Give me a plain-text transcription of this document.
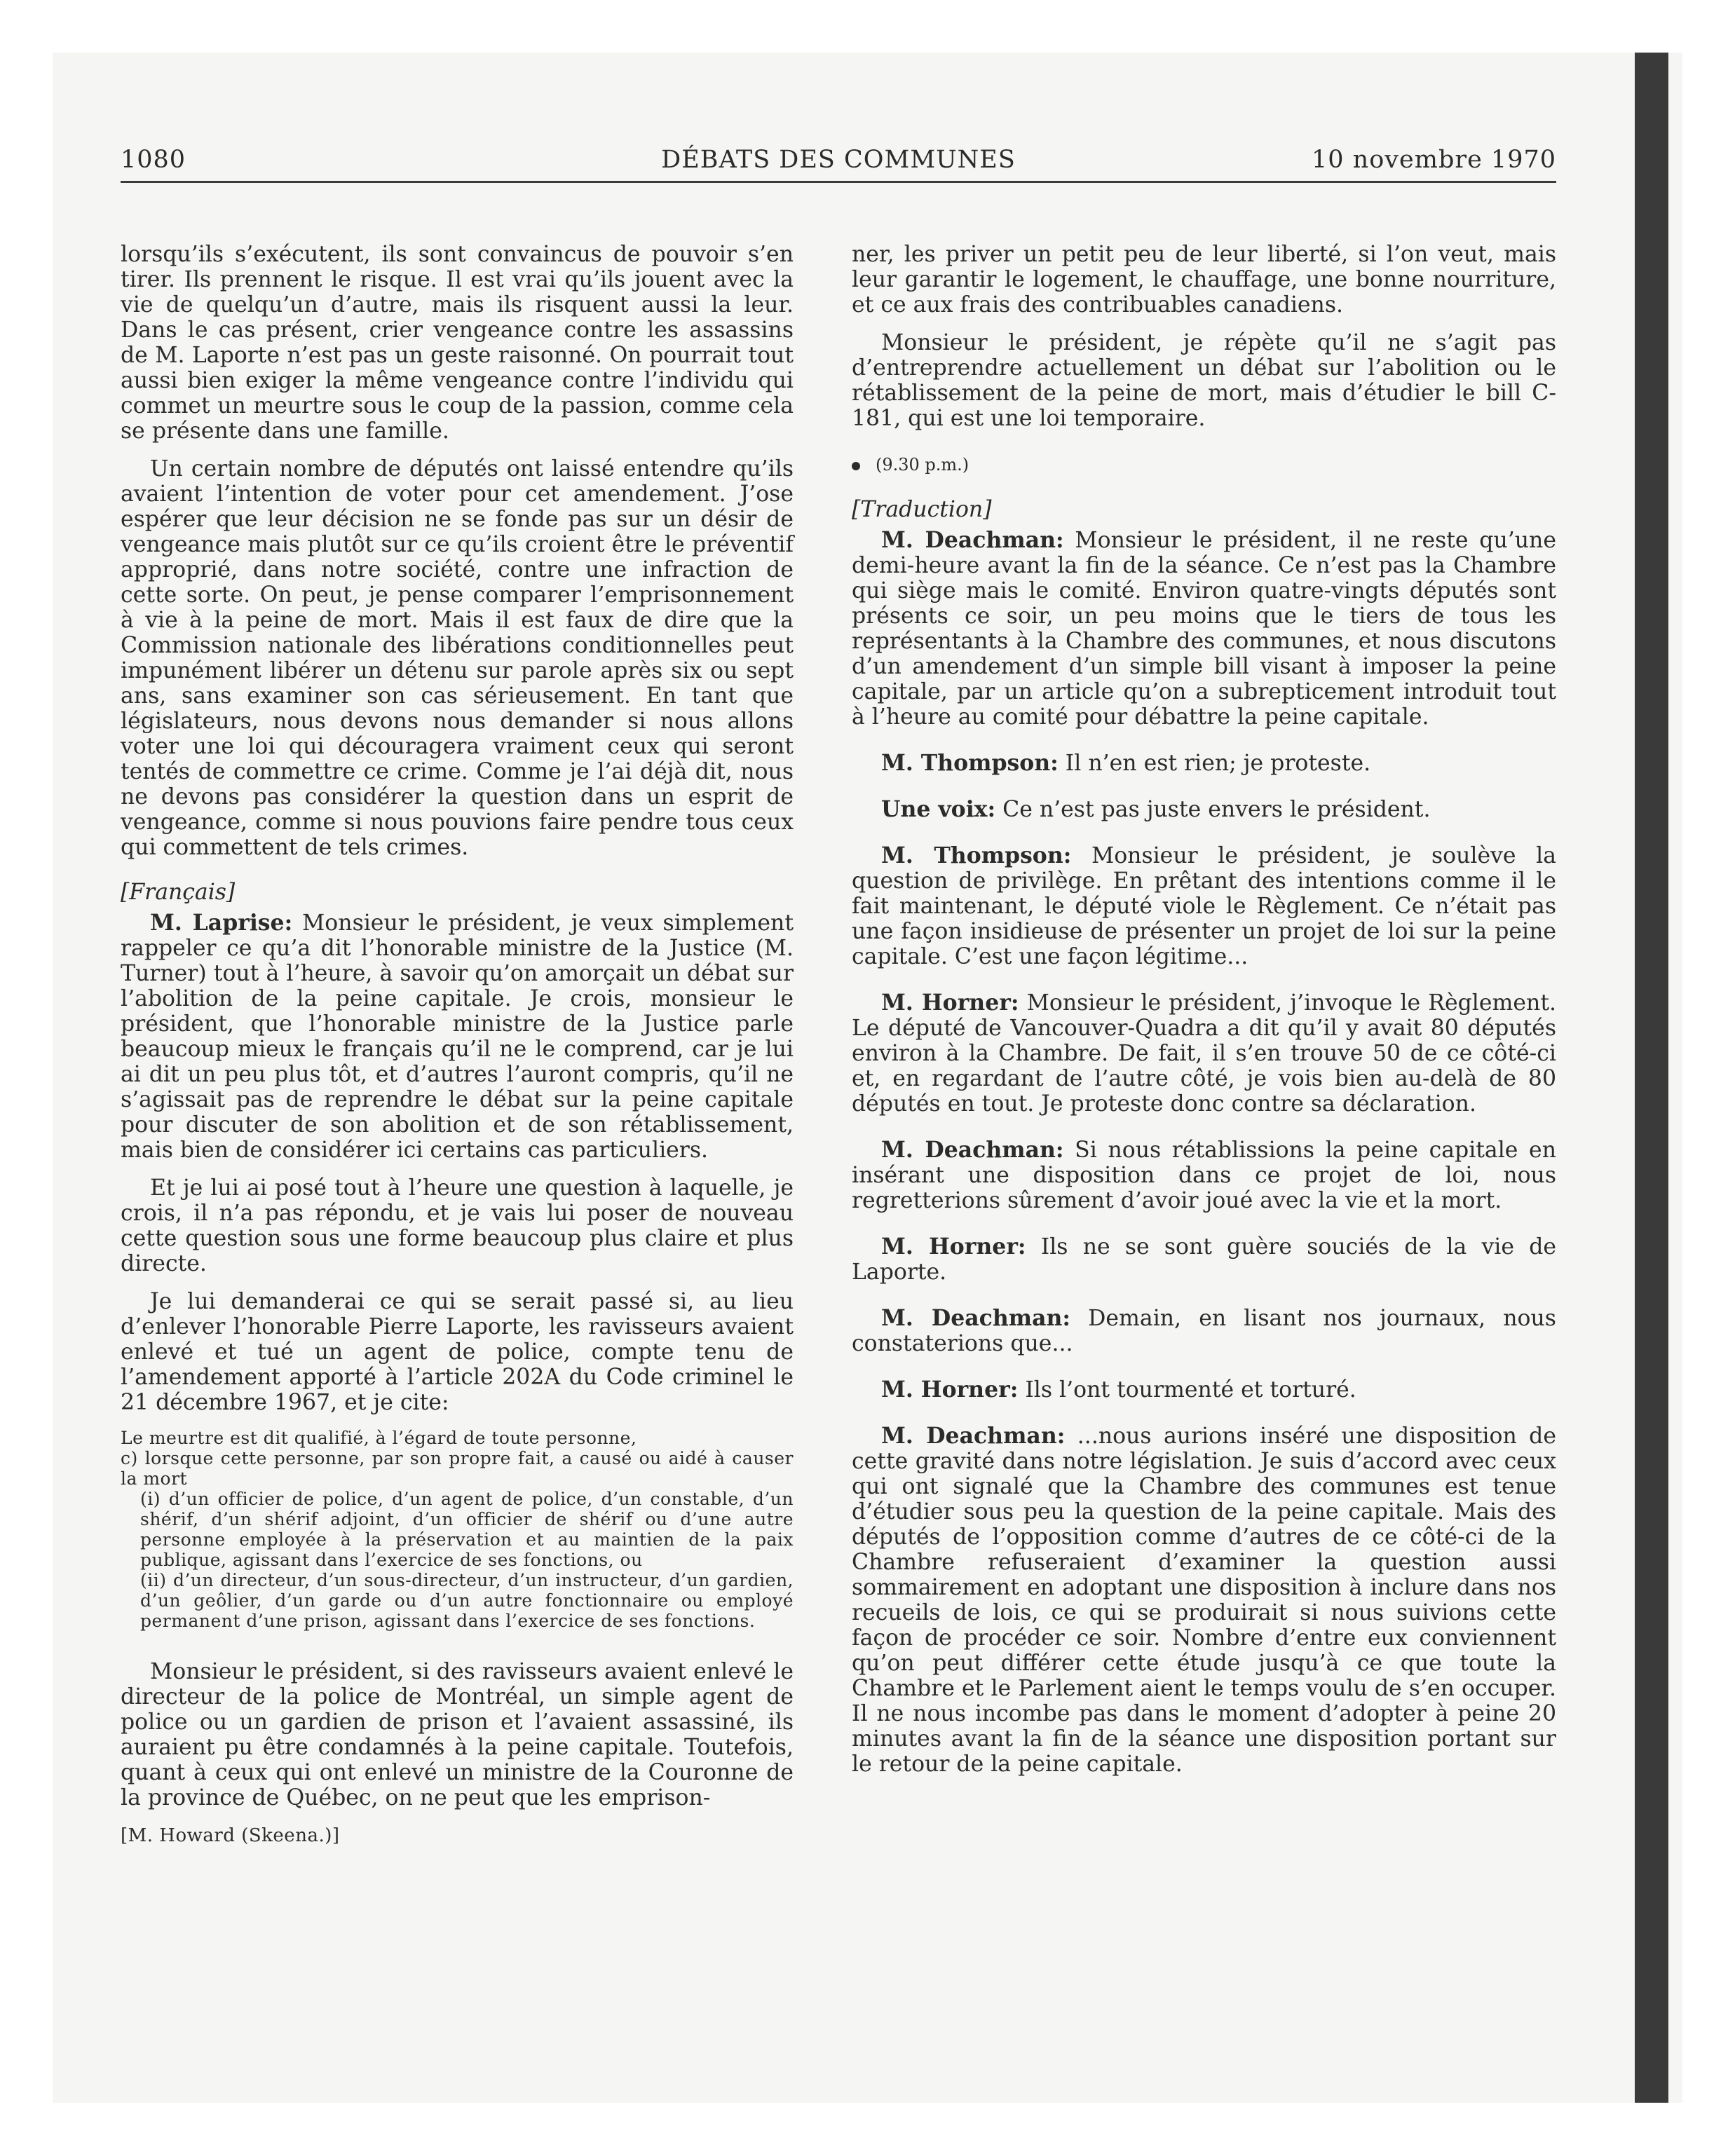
1080	DÉBATS DES COMMUNES	10 novembre 1970

lorsqu’ils s’exécutent, ils sont convaincus de pouvoir s’en tirer. Ils prennent le risque. Il est vrai qu’ils jouent avec la vie de quelqu’un d’autre, mais ils risquent aussi la leur. Dans le cas présent, crier vengeance contre les assassins de M. Laporte n’est pas un geste raisonné. On pourrait tout aussi bien exiger la même vengeance contre l’individu qui commet un meurtre sous le coup de la passion, comme cela se présente dans une famille.

Un certain nombre de députés ont laissé entendre qu’ils avaient l’intention de voter pour cet amendement. J’ose espérer que leur décision ne se fonde pas sur un désir de vengeance mais plutôt sur ce qu’ils croient être le préventif approprié, dans notre société, contre une infraction de cette sorte. On peut, je pense comparer l’emprisonnement à vie à la peine de mort. Mais il est faux de dire que la Commission nationale des libérations conditionnelles peut impunément libérer un détenu sur parole après six ou sept ans, sans examiner son cas sérieusement. En tant que législateurs, nous devons nous demander si nous allons voter une loi qui découragera vraiment ceux qui seront tentés de commettre ce crime. Comme je l’ai déjà dit, nous ne devons pas considérer la question dans un esprit de vengeance, comme si nous pouvions faire pendre tous ceux qui commettent de tels crimes.

[Français]

M. Laprise: Monsieur le président, je veux simplement rappeler ce qu’a dit l’honorable ministre de la Justice (M. Turner) tout à l’heure, à savoir qu’on amorçait un débat sur l’abolition de la peine capitale. Je crois, monsieur le président, que l’honorable ministre de la Justice parle beaucoup mieux le français qu’il ne le comprend, car je lui ai dit un peu plus tôt, et d’autres l’auront compris, qu’il ne s’agissait pas de reprendre le débat sur la peine capitale pour discuter de son abolition et de son rétablissement, mais bien de considérer ici certains cas particuliers.

Et je lui ai posé tout à l’heure une question à laquelle, je crois, il n’a pas répondu, et je vais lui poser de nouveau cette question sous une forme beaucoup plus claire et plus directe.

Je lui demanderai ce qui se serait passé si, au lieu d’enlever l’honorable Pierre Laporte, les ravisseurs avaient enlevé et tué un agent de police, compte tenu de l’amendement apporté à l’article 202A du Code criminel le 21 décembre 1967, et je cite:

Le meurtre est dit qualifié, à l’égard de toute personne,

c) lorsque cette personne, par son propre fait, a causé ou aidé à causer la mort

(i) d’un officier de police, d’un agent de police, d’un constable, d’un shérif, d’un shérif adjoint, d’un officier de shérif ou d’une autre personne employée à la préservation et au maintien de la paix publique, agissant dans l’exercice de ses fonctions, ou

(ii) d’un directeur, d’un sous-directeur, d’un instructeur, d’un gardien, d’un geôlier, d’un garde ou d’un autre fonctionnaire ou employé permanent d’une prison, agissant dans l’exercice de ses fonctions.

Monsieur le président, si des ravisseurs avaient enlevé le directeur de la police de Montréal, un simple agent de police ou un gardien de prison et l’avaient assassiné, ils auraient pu être condamnés à la peine capitale. Toutefois, quant à ceux qui ont enlevé un ministre de la Couronne de la province de Québec, on ne peut que les emprison-

[M. Howard (Skeena.)]

ner, les priver un petit peu de leur liberté, si l’on veut, mais leur garantir le logement, le chauffage, une bonne nourriture, et ce aux frais des contribuables canadiens.

Monsieur le président, je répète qu’il ne s’agit pas d’entreprendre actuellement un débat sur l’abolition ou le rétablissement de la peine de mort, mais d’étudier le bill C-181, qui est une loi temporaire.

(9.30 p.m.)
[Traduction]

M. Deachman: Monsieur le président, il ne reste qu’une demi-heure avant la fin de la séance. Ce n’est pas la Chambre qui siège mais le comité. Environ quatre-vingts députés sont présents ce soir, un peu moins que le tiers de tous les représentants à la Chambre des communes, et nous discutons d’un amendement d’un simple bill visant à imposer la peine capitale, par un article qu’on a subrepticement introduit tout à l’heure au comité pour débattre la peine capitale.

M. Thompson: Il n’en est rien; je proteste.

Une voix: Ce n’est pas juste envers le président.

M. Thompson: Monsieur le président, je soulève la question de privilège. En prêtant des intentions comme il le fait maintenant, le député viole le Règlement. Ce n’était pas une façon insidieuse de présenter un projet de loi sur la peine capitale. C’est une façon légitime...

M. Horner: Monsieur le président, j’invoque le Règlement. Le député de Vancouver-Quadra a dit qu’il y avait 80 députés environ à la Chambre. De fait, il s’en trouve 50 de ce côté-ci et, en regardant de l’autre côté, je vois bien au-delà de 80 députés en tout. Je proteste donc contre sa déclaration.

M. Deachman: Si nous rétablissions la peine capitale en insérant une disposition dans ce projet de loi, nous regretterions sûrement d’avoir joué avec la vie et la mort.

M. Horner: Ils ne se sont guère souciés de la vie de Laporte.

M. Deachman: Demain, en lisant nos journaux, nous constaterions que...

M. Horner: Ils l’ont tourmenté et torturé.

M. Deachman: ...nous aurions inséré une disposition de cette gravité dans notre législation. Je suis d’accord avec ceux qui ont signalé que la Chambre des communes est tenue d’étudier sous peu la question de la peine capitale. Mais des députés de l’opposition comme d’autres de ce côté-ci de la Chambre refuseraient d’examiner la question aussi sommairement en adoptant une disposition à inclure dans nos recueils de lois, ce qui se produirait si nous suivions cette façon de procéder ce soir. Nombre d’entre eux conviennent qu’on peut différer cette étude jusqu’à ce que toute la Chambre et le Parlement aient le temps voulu de s’en occuper. Il ne nous incombe pas dans le moment d’adopter à peine 20 minutes avant la fin de la séance une disposition portant sur le retour de la peine capitale.
